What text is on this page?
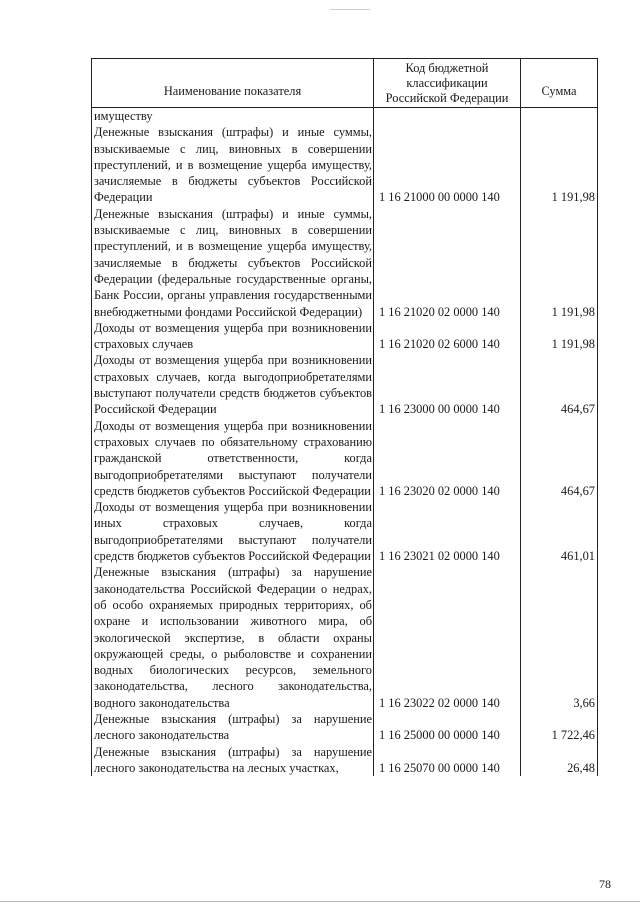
Наименование показателя	Код бюджетной классификации Российской Федерации	Сумма
имуществу		
Денежные взыскания (штрафы) и иные суммы, взыскиваемые с лиц, виновных в совершении преступлений, и в возмещение ущерба имуществу, зачисляемые в бюджеты субъектов Российской Федерации	1 16 21000 00 0000 140	1 191,98
Денежные взыскания (штрафы) и иные суммы, взыскиваемые с лиц, виновных в совершении преступлений, и в возмещение ущерба имуществу, зачисляемые в бюджеты субъектов Российской Федерации (федеральные государственные органы, Банк России, органы управления государственными внебюджетными фондами Российской Федерации)	1 16 21020 02 0000 140	1 191,98
Доходы от возмещения ущерба при возникновении страховых случаев	1 16 21020 02 6000 140	1 191,98
Доходы от возмещения ущерба при возникновении страховых случаев, когда выгодоприобретателями выступают получатели средств бюджетов субъектов Российской Федерации	1 16 23000 00 0000 140	464,67
Доходы от возмещения ущерба при возникновении страховых случаев по обязательному страхованию гражданской ответственности, когда выгодоприобретателями выступают получатели средств бюджетов субъектов Российской Федерации	1 16 23020 02 0000 140	464,67
Доходы от возмещения ущерба при возникновении иных страховых случаев, когда выгодоприобретателями выступают получатели средств бюджетов субъектов Российской Федерации	1 16 23021 02 0000 140	461,01
Денежные взыскания (штрафы) за нарушение законодательства Российской Федерации о недрах, об особо охраняемых природных территориях, об охране и использовании животного мира, об экологической экспертизе, в области охраны окружающей среды, о рыболовстве и сохранении водных биологических ресурсов, земельного законодательства, лесного законодательства, водного законодательства	1 16 23022 02 0000 140	3,66
Денежные взыскания (штрафы) за нарушение лесного законодательства	1 16 25000 00 0000 140	1 722,46
Денежные взыскания (штрафы) за нарушение лесного законодательства на лесных участках,	1 16 25070 00 0000 140	26,48
78
